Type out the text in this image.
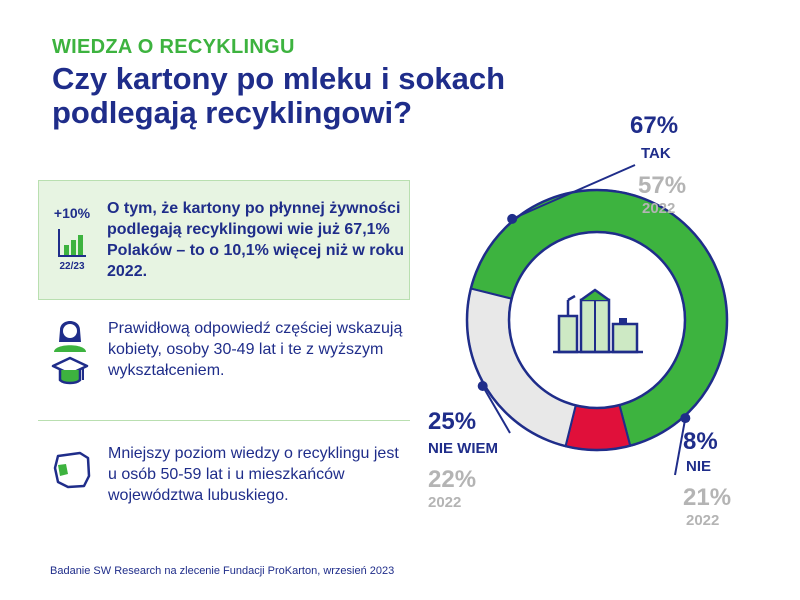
WIEDZA O RECYKLINGU
Czy kartony po mleku i sokach podlegają recyklingowi?
+10%
22/23
O tym, że kartony po płynnej żywności podlegają recyklingowi wie już 67,1% Polaków – to o 10,1% więcej niż w roku 2022.
Prawidłową odpowiedź częściej wskazują kobiety, osoby 30-49 lat i te z wyższym wykształceniem.
Mniejszy poziom wiedzy o recyklingu jest u osób 50-59 lat i u mieszkańców województwa lubuskiego.
Badanie SW Research na zlecenie Fundacji ProKarton, wrzesień 2023
67%
TAK
57%
2022
25%
NIE WIEM
22%
2022
8%
NIE
21%
2022
